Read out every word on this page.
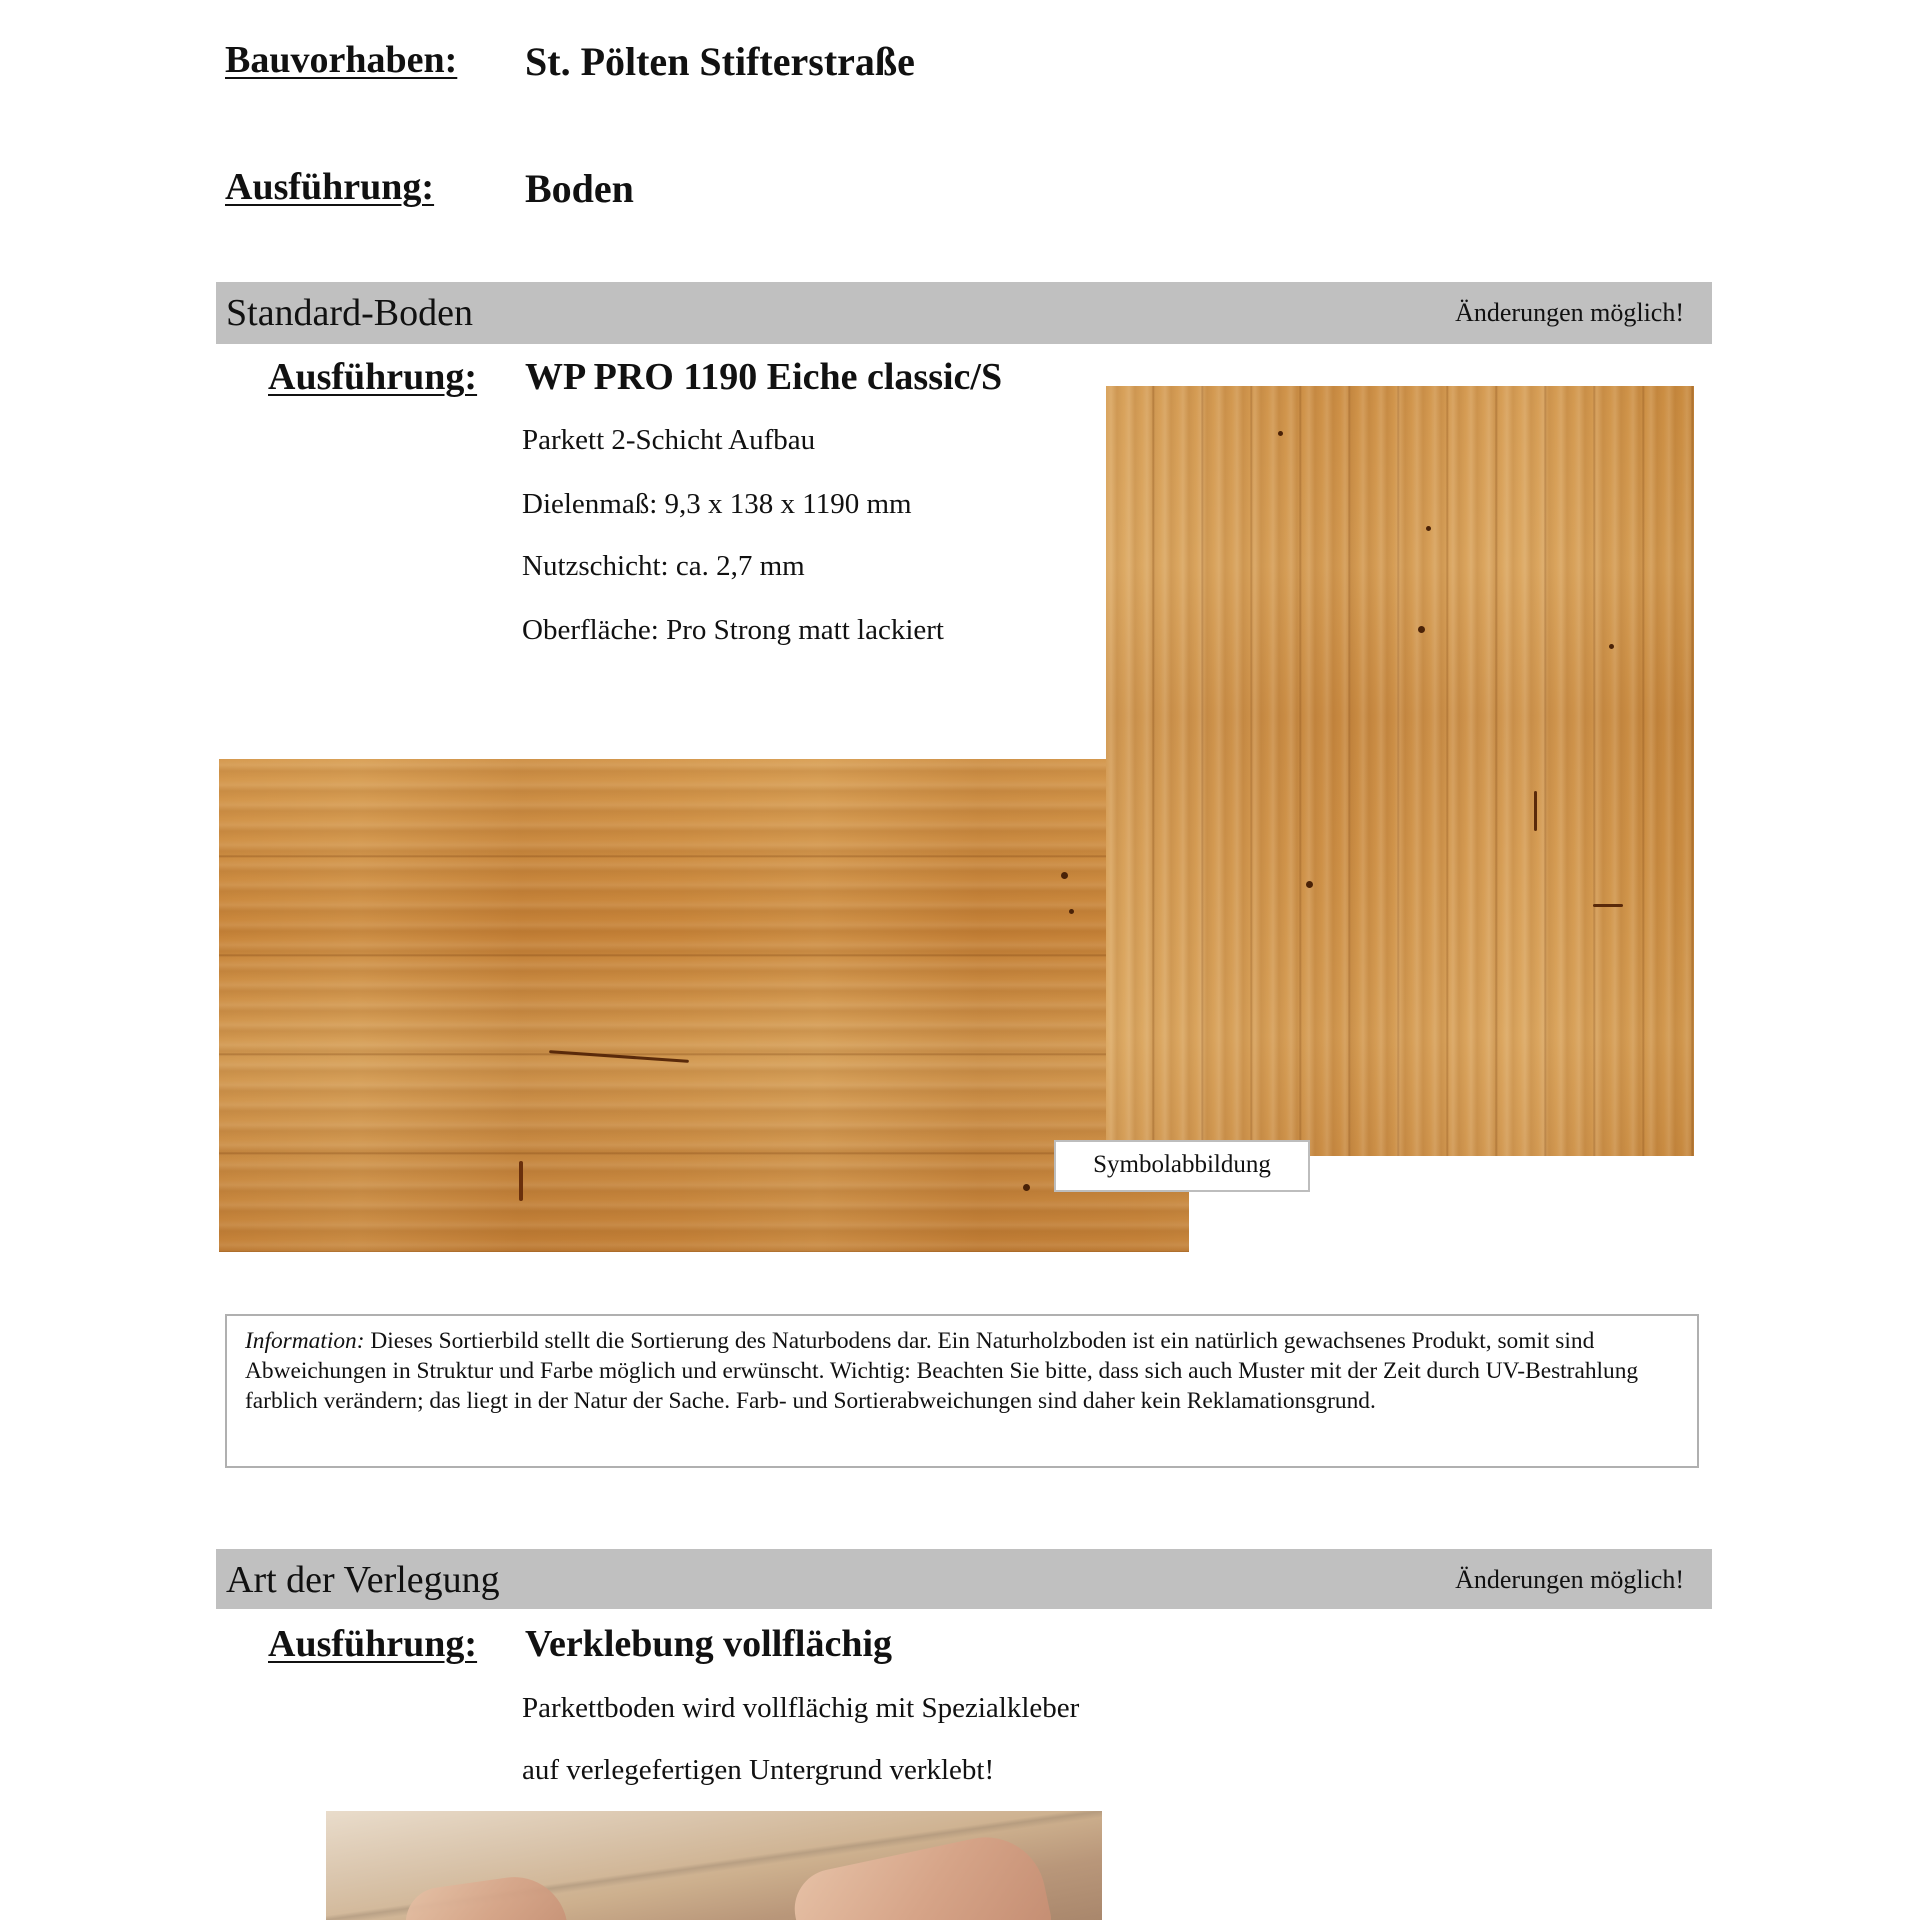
Bauvorhaben: St. Pölten Stifterstraße
Ausführung: Boden
Standard-Boden	Änderungen möglich!
Ausführung: WP PRO 1190 Eiche classic/S
Parkett 2-Schicht Aufbau
Dielenmaß: 9,3 x 138 x 1190 mm
Nutzschicht: ca. 2,7 mm
Oberfläche: Pro Strong matt lackiert
Symbolabbildung
Information: Dieses Sortierbild stellt die Sortierung des Naturbodens dar. Ein Naturholzboden ist ein natürlich gewachsenes Produkt, somit sind Abweichungen in Struktur und Farbe möglich und erwünscht. Wichtig: Beachten Sie bitte, dass sich auch Muster mit der Zeit durch UV-Bestrahlung farblich verändern; das liegt in der Natur der Sache. Farb- und Sortierabweichungen sind daher kein Reklamationsgrund.
Art der Verlegung	Änderungen möglich!
Ausführung: Verklebung vollflächig
Parkettboden wird vollflächig mit Spezialkleber
auf verlegefertigen Untergrund verklebt!
